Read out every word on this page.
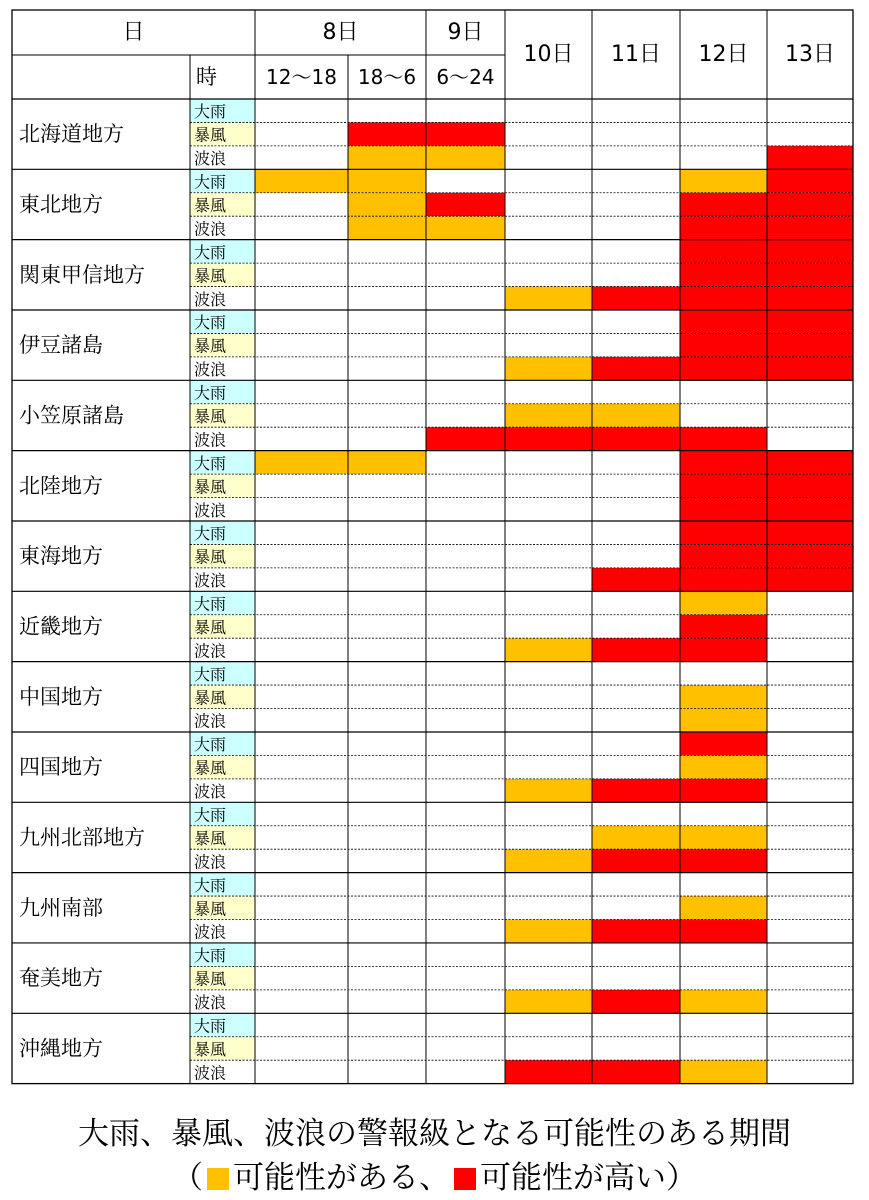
北海道地方
大雨
暴風
波浪
東北地方
大雨
暴風
波浪
関東甲信地方
大雨
暴風
波浪
伊豆諸島
大雨
暴風
波浪
小笠原諸島
大雨
暴風
波浪
北陸地方
大雨
暴風
波浪
東海地方
大雨
暴風
波浪
近畿地方
大雨
暴風
波浪
中国地方
大雨
暴風
波浪
四国地方
大雨
暴風
波浪
九州北部地方
大雨
暴風
波浪
九州南部
大雨
暴風
波浪
奄美地方
大雨
暴風
波浪
沖縄地方
大雨
暴風
波浪
日
時
8日	9日
10日 11日 12日 13日
12～18 18～6 6～24
大雨、暴風、波浪の警報級となる可能性のある期間
（ 可能性がある、 可能性が高い）
